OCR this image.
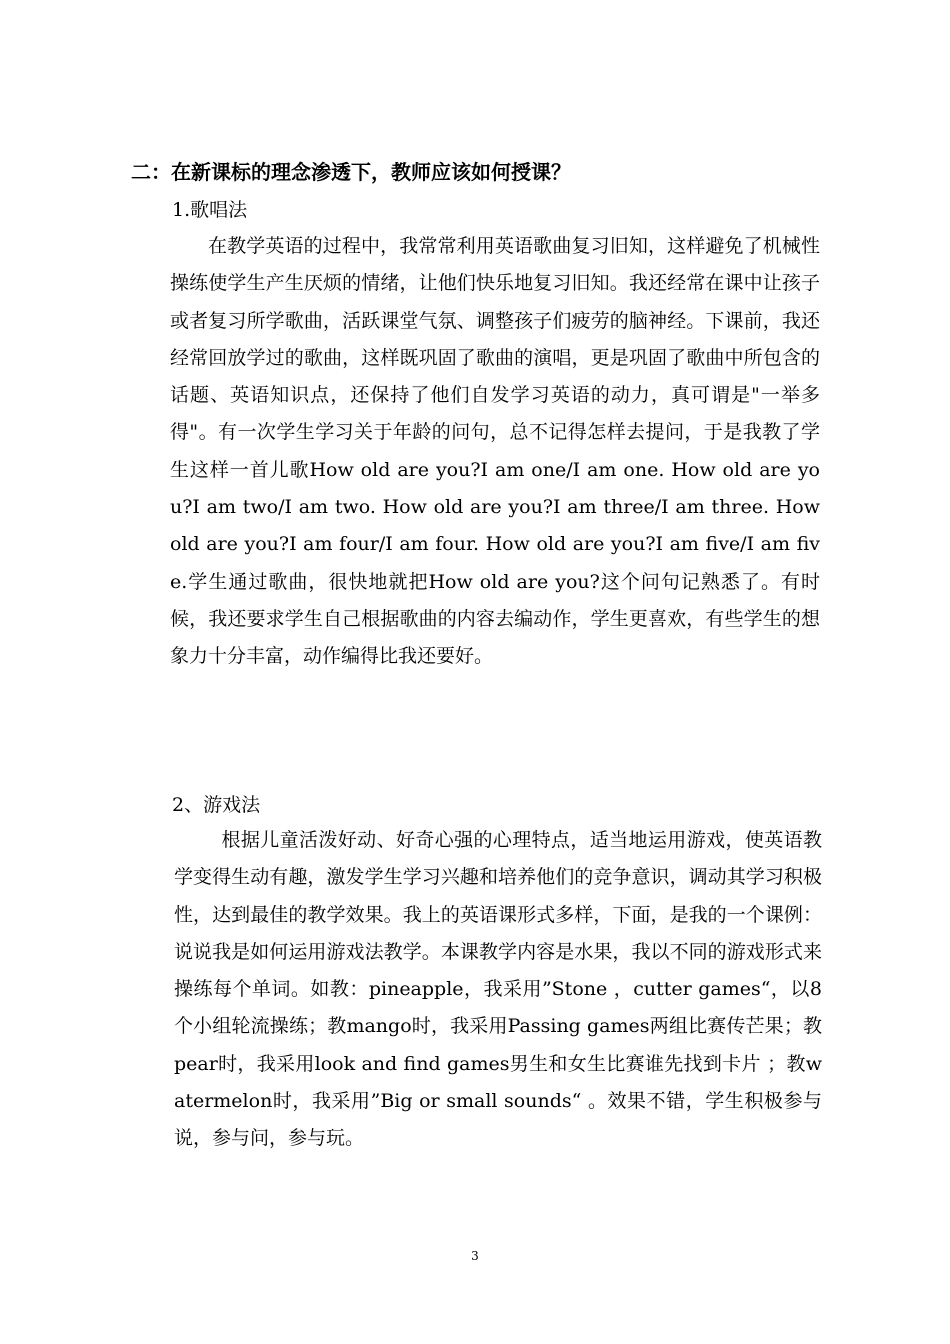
二：在新课标的理念渗透下，教师应该如何授课？
1.歌唱法

在教学英语的过程中，我常常利用英语歌曲复习旧知，这样避免了机械性操练使学生产生厌烦的情绪，让他们快乐地复习旧知。我还经常在课中让孩子或者复习所学歌曲，活跃课堂气氛、调整孩子们疲劳的脑神经。下课前，我还经常回放学过的歌曲，这样既巩固了歌曲的演唱，更是巩固了歌曲中所包含的话题、英语知识点，还保持了他们自发学习英语的动力，真可谓是"一举多得"。有一次学生学习关于年龄的问句，总不记得怎样去提问，于是我教了学生这样一首儿歌How old are you?I am one/I am one. How old are you?I am two/I am two. How old are you?I am three/I am three. How old are you?I am four/I am four. How old are you?I am five/I am five.学生通过歌曲，很快地就把How old are you?这个问句记熟悉了。有时候，我还要求学生自己根据歌曲的内容去编动作，学生更喜欢，有些学生的想象力十分丰富，动作编得比我还要好。

2、游戏法

根据儿童活泼好动、好奇心强的心理特点，适当地运用游戏，使英语教学变得生动有趣，激发学生学习兴趣和培养他们的竞争意识，调动其学习积极性，达到最佳的教学效果。我上的英语课形式多样，下面，是我的一个课例：说说我是如何运用游戏法教学。本课教学内容是水果，我以不同的游戏形式来操练每个单词。如教：pineapple，我采用”Stone ，cutter games“，以8个小组轮流操练；教mango时，我采用Passing games两组比赛传芒果；教pear时，我采用look and find games男生和女生比赛谁先找到卡片 ；教watermelon时，我采用”Big or small sounds“ 。效果不错，学生积极参与说，参与问，参与玩。

3
